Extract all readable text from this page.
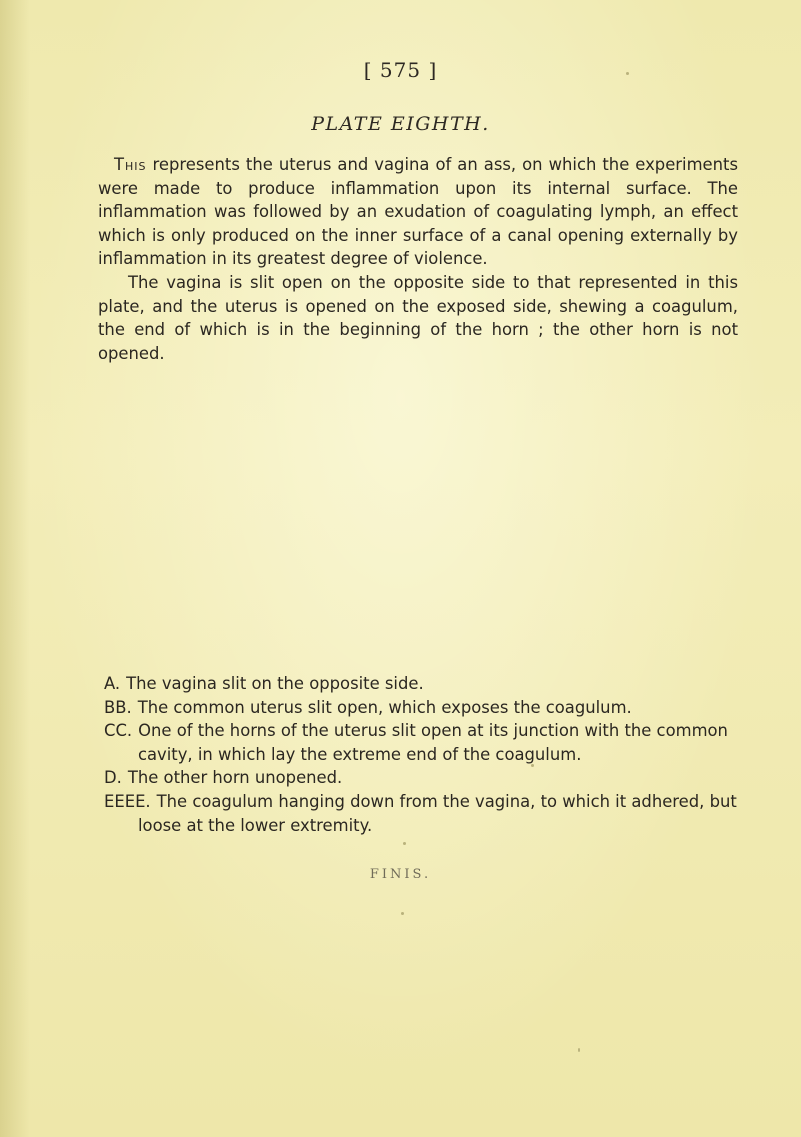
[ 575 ]
PLATE EIGHTH.

This represents the uterus and vagina of an ass, on which the experiments were made to produce inflammation upon its internal surface. The inflammation was followed by an exudation of coagulating lymph, an effect which is only produced on the inner surface of a canal opening externally by inflammation in its greatest degree of violence.

The vagina is slit open on the opposite side to that represented in this plate, and the uterus is opened on the exposed side, shewing a coagulum, the end of which is in the beginning of the horn ; the other horn is not opened.

A. The vagina slit on the opposite side.
BB. The common uterus slit open, which exposes the coagulum.
CC. One of the horns of the uterus slit open at its junction with the common cavity, in which lay the extreme end of the coagulum.
D. The other horn unopened.
EEEE. The coagulum hanging down from the vagina, to which it adhered, but loose at the lower extremity.
FINIS.
